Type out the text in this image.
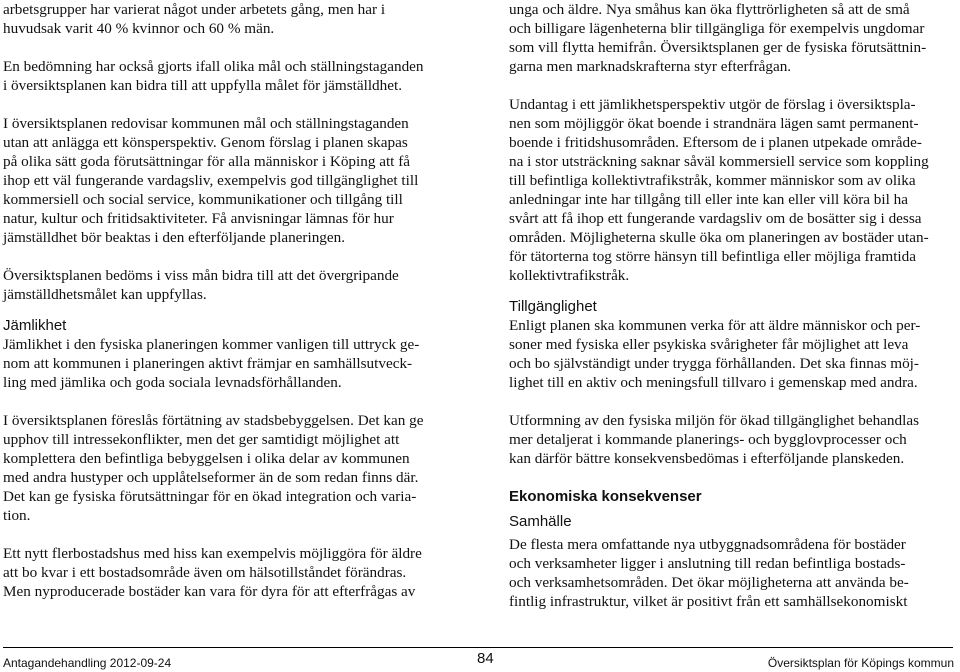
arbetsgrupper har varierat något under arbetets gång, men har i
huvudsak varit 40 % kvinnor och 60 % män.

En bedömning har också gjorts ifall olika mål och ställningstaganden
i översiktsplanen kan bidra till att uppfylla målet för jämställdhet.

I översiktsplanen redovisar kommunen mål och ställningstaganden
utan att anlägga ett könsperspektiv. Genom förslag i planen skapas
på olika sätt goda förutsättningar för alla människor i Köping att få
ihop ett väl fungerande vardagsliv, exempelvis god tillgänglighet till
kommersiell och social service, kommunikationer och tillgång till
natur, kultur och fritidsaktiviteter. Få anvisningar lämnas för hur
jämställdhet bör beaktas i den efterföljande planeringen.

Översiktsplanen bedöms i viss mån bidra till att det övergripande
jämställdhetsmålet kan uppfyllas.

Jämlikhet

Jämlikhet i den fysiska planeringen kommer vanligen till uttryck ge-
nom att kommunen i planeringen aktivt främjar en samhällsutveck-
ling med jämlika och goda sociala levnadsförhållanden.

I översiktsplanen föreslås förtätning av stadsbebyggelsen. Det kan ge
upphov till intressekonflikter, men det ger samtidigt möjlighet att
komplettera den befintliga bebyggelsen i olika delar av kommunen
med andra hustyper och upplåtelseformer än de som redan finns där.
Det kan ge fysiska förutsättningar för en ökad integration och varia-
tion.

Ett nytt flerbostadshus med hiss kan exempelvis möjliggöra för äldre
att bo kvar i ett bostadsområde även om hälsotillståndet förändras.
Men nyproducerade bostäder kan vara för dyra för att efterfrågas av

unga och äldre. Nya småhus kan öka flyttrörligheten så att de små
och billigare lägenheterna blir tillgängliga för exempelvis ungdomar
som vill flytta hemifrån. Översiktsplanen ger de fysiska förutsättnin-
garna men marknadskrafterna styr efterfrågan.

Undantag i ett jämlikhetsperspektiv utgör de förslag i översiktspla-
nen som möjliggör ökat boende i strandnära lägen samt permanent-
boende i fritidshusområden. Eftersom de i planen utpekade område-
na i stor utsträckning saknar såväl kommersiell service som koppling
till befintliga kollektivtrafikstråk, kommer människor som av olika
anledningar inte har tillgång till eller inte kan eller vill köra bil ha
svårt att få ihop ett fungerande vardagsliv om de bosätter sig i dessa
områden. Möjligheterna skulle öka om planeringen av bostäder utan-
för tätorterna tog större hänsyn till befintliga eller möjliga framtida
kollektivtrafikstråk.

Tillgänglighet

Enligt planen ska kommunen verka för att äldre människor och per-
soner med fysiska eller psykiska svårigheter får möjlighet att leva
och bo självständigt under trygga förhållanden. Det ska finnas möj-
lighet till en aktiv och meningsfull tillvaro i gemenskap med andra.

Utformning av den fysiska miljön för ökad tillgänglighet behandlas
mer detaljerat i kommande planerings- och bygglovprocesser och
kan därför bättre konsekvensbedömas i efterföljande planskeden.

Ekonomiska konsekvenser

Samhälle

De flesta mera omfattande nya utbyggnadsområdena för bostäder
och verksamheter ligger i anslutning till redan befintliga bostads-
och verksamhetsområden. Det ökar möjligheterna att använda be-
fintlig infrastruktur, vilket är positivt från ett samhällsekonomiskt

Antagandehandling 2012-09-24	84	Översiktsplan för Köpings kommun
